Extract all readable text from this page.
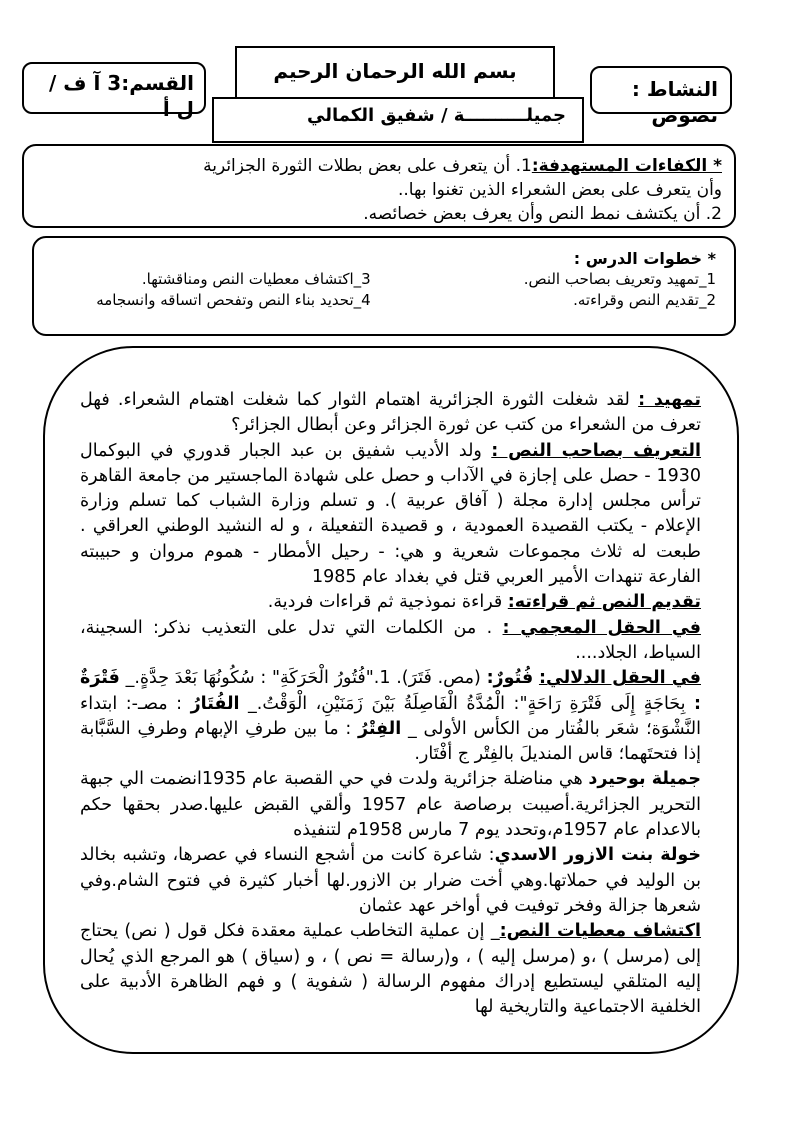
القسم:3 آ ف / ل أ
بسم الله الرحمان الرحيم
جميلــــــــــة / شفيق الكمالي
النشاط : نصوص
* الكفاءات المستهدفة:1. أن يتعرف على بعض بطلات الثورة الجزائرية
وأن يتعرف على بعض الشعراء الذين تغنوا بها..
2. أن يكتشف نمط النص وأن يعرف بعض خصائصه.
* خطوات الدرس :
1_تمهيد وتعريف بصاحب النص.
2_تقديم النص وقراءته.
3_اكتشاف معطيات النص ومناقشتها.
4_تحديد بناء النص وتفحص اتساقه وانسجامه

تمهيد : لقد شغلت الثورة الجزائرية اهتمام الثوار كما شغلت اهتمام الشعراء. فهل تعرف من الشعراء من كتب عن ثورة الجزائر وعن أبطال الجزائر؟

التعريف بصاحب النص : ولد الأديب شفيق بن عبد الجبار قدوري في البوكمال 1930 - حصل على إجازة في الآداب و حصل على شهادة الماجستير من جامعة القاهرة ترأس مجلس إدارة مجلة ( آفاق عربية ). و تسلم وزارة الشباب كما تسلم وزارة الإعلام - يكتب القصيدة العمودية ، و قصيدة التفعيلة ، و له النشيد الوطني العراقي . طبعت له ثلاث مجموعات شعرية و هي: - رحيل الأمطار - هموم مروان و حبيبته الفارعة تنهدات الأمير العربي قتل في بغداد عام 1985

تقديم النص ثم قراءته: قراءة نموذجية ثم قراءات فردية.

في الحقل المعجمي : . من الكلمات التي تدل على التعذيب نذكر: السجينة، السياط، الجلاد....

في الحقل الدلالي: فُتُورٌ: (مص. فَتَرَ). 1."فُتُورُ الْحَرَكَةِ" : سُكُونُهَا بَعْدَ حِدَّةٍ._ فَتْرَةٌ : بِحَاجَةٍ إِلَى فَتْرَةِ رَاحَةٍ": الْمُدَّةُ الْفَاصِلَةُ بَيْنَ زَمَنَيْنِ، الْوَقْتُ._ الفُتَارُ : مصـ-: ابتداء النَّشْوَة؛ شعَر بالفُتار من الكأس الأولى _ الفِتْرُ : ما بين طرفِ الإبهام وطرفِ السَّبَّابة إذا فتحتَهما؛ قاس المنديلَ بالفِتْر ج أفْتَار.

جميلة بوحيرد هي مناضلة جزائرية ولدت في حي القصبة عام 1935انضمت الي جبهة التحرير الجزائرية.أصيبت برصاصة عام 1957 وألقي القبض عليها.صدر بحقها حكم بالاعدام عام 1957م،وتحدد يوم 7 مارس 1958م لتنفيذه

خولة بنت الازور الاسدي: شاعرة كانت من أشجع النساء في عصرها، وتشبه بخالد بن الوليد في حملاتها.وهي أخت ضرار بن الازور.لها أخبار كثيرة في فتوح الشام.وفي شعرها جزالة وفخر توفيت في أواخر عهد عثمان

اكتشاف معطيات النص:_ إن عملية التخاطب عملية معقدة فكل قول ( نص) يحتاج إلى (مرسل ) ،و (مرسل إليه ) ، و(رسالة = نص ) ، و (سياق ) هو المرجع الذي يُحال إليه المتلقي ليستطيع إدراك مفهوم الرسالة ( شفوية ) و فهم الظاهرة الأدبية على الخلفية الاجتماعية والتاريخية لها
